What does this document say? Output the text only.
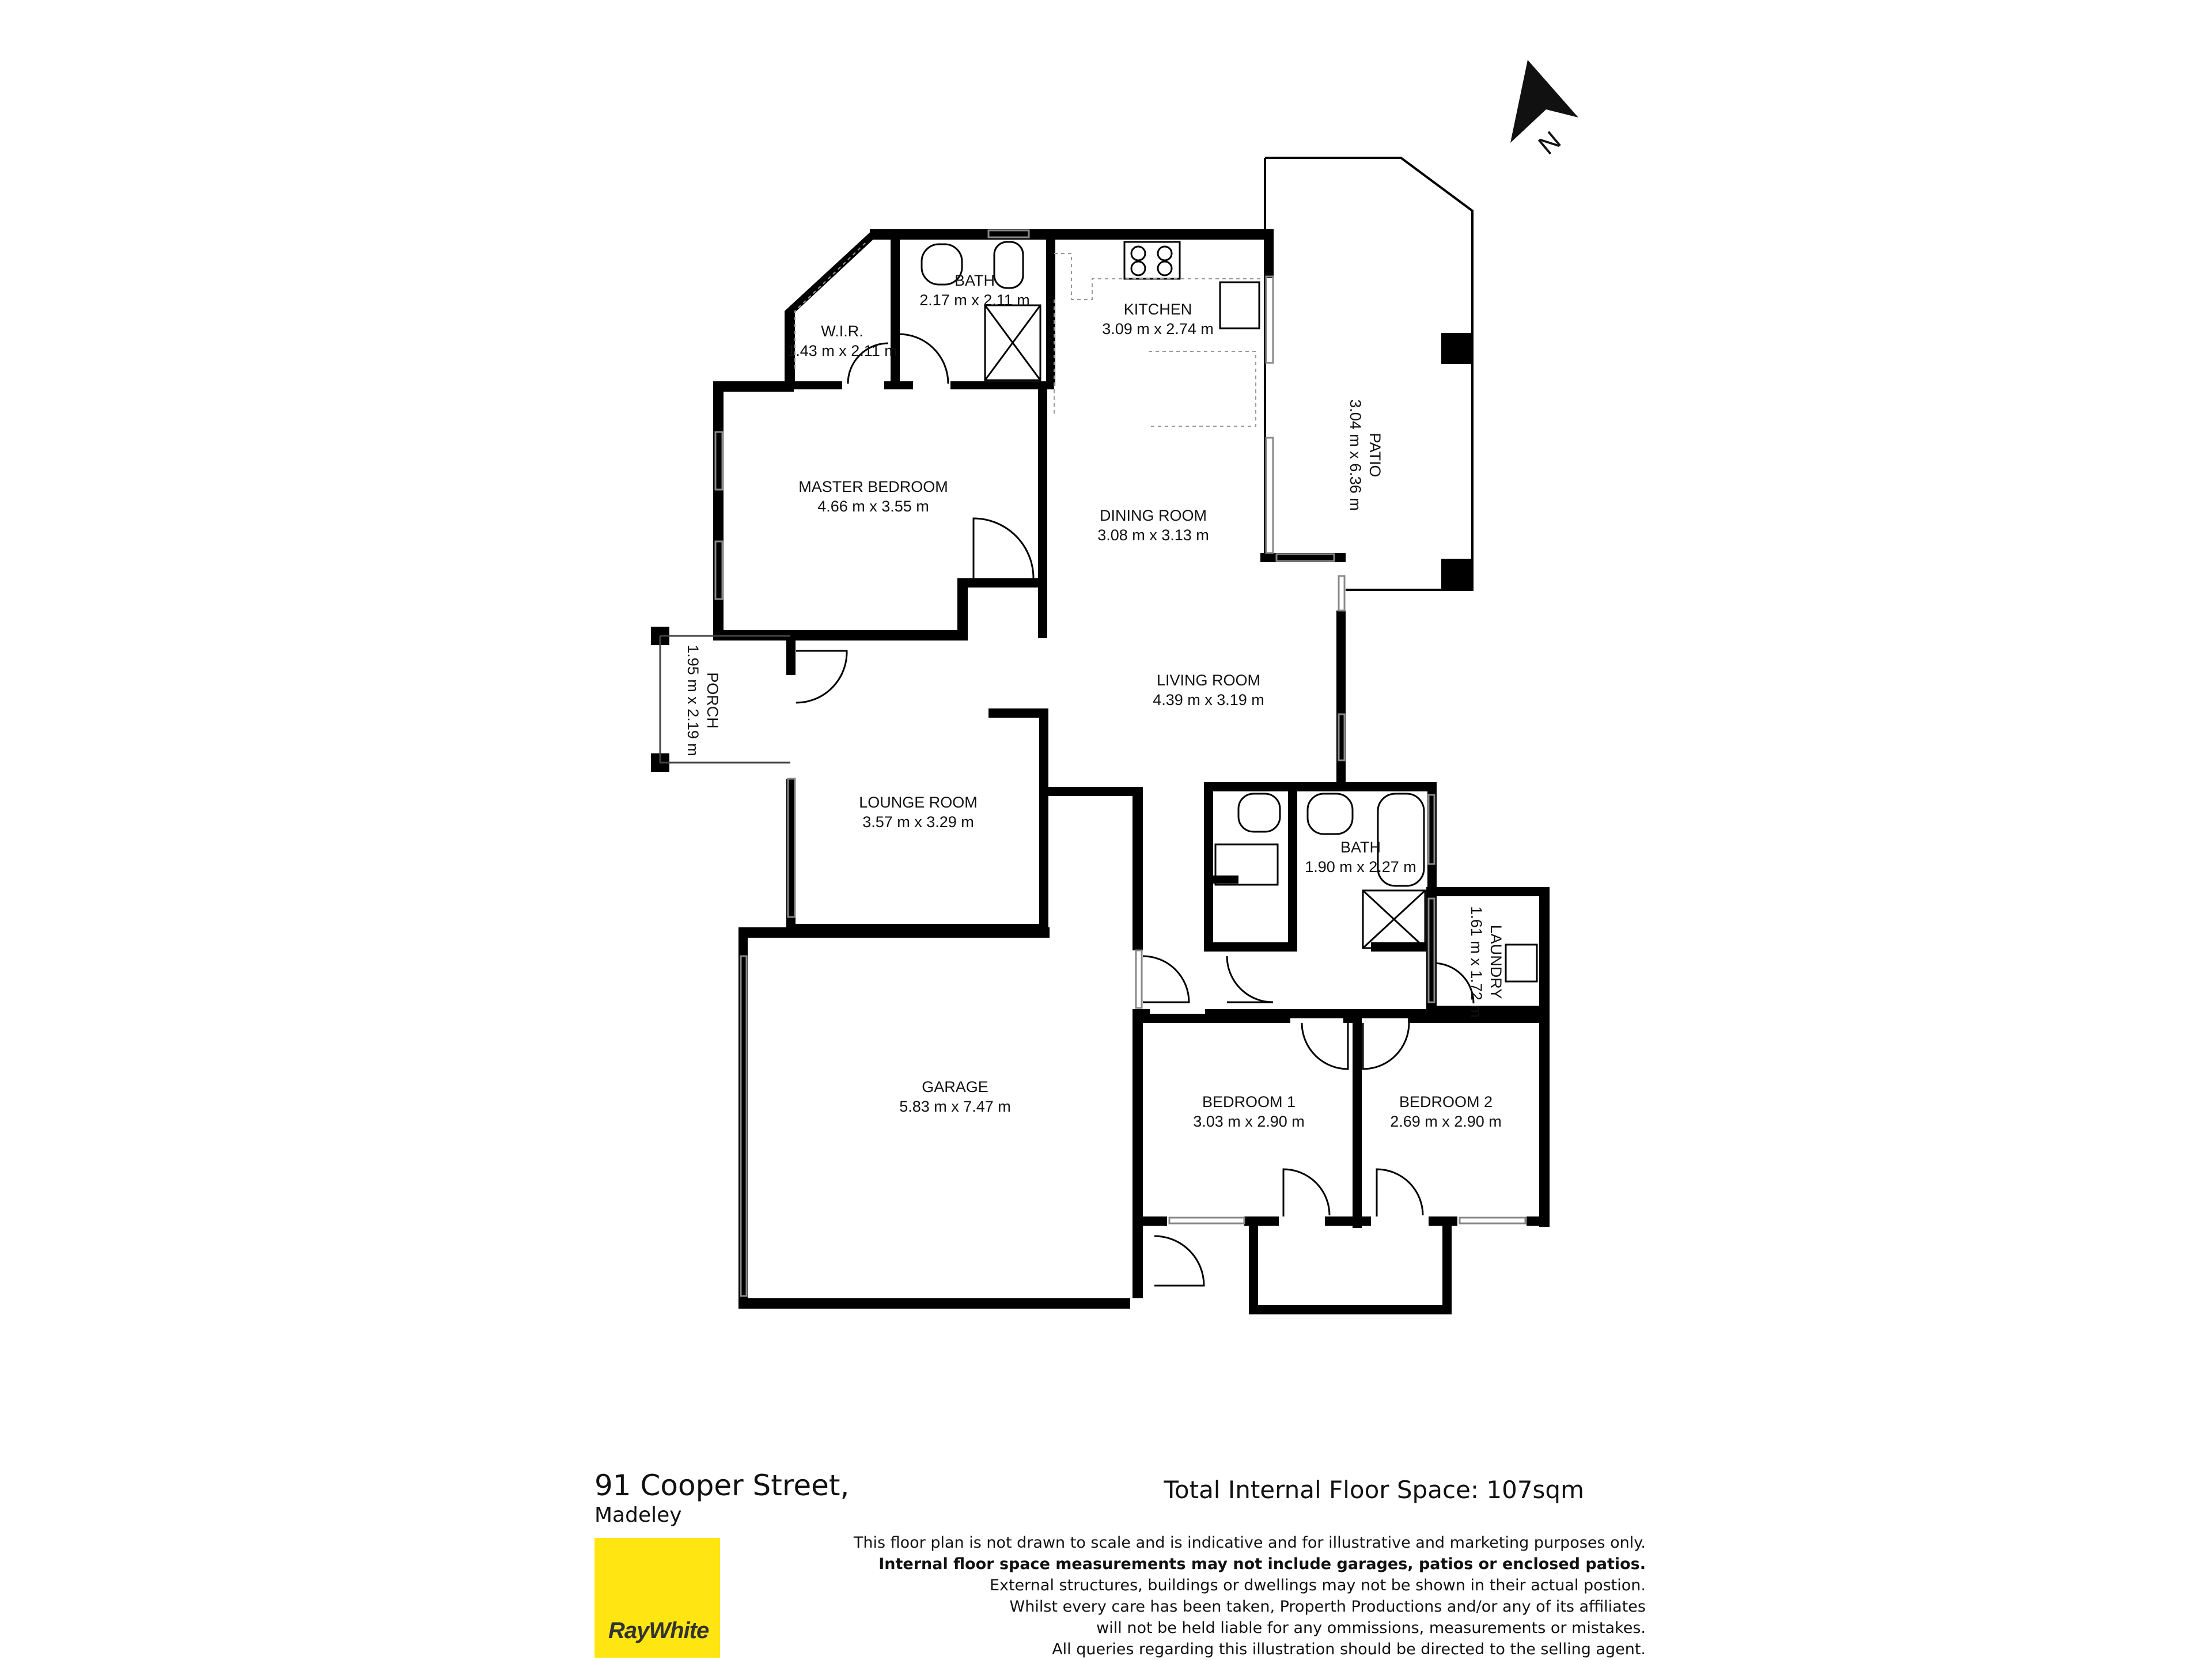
N
BATH
2.17 m x 2.11 m
W.I.R.
1.43 m x 2.11 m
KITCHEN
3.09 m x 2.74 m
PATIO
3.04 m x 6.36 m
MASTER BEDROOM
4.66 m x 3.55 m
DINING ROOM
3.08 m x 3.13 m
LIVING ROOM
4.39 m x 3.19 m
PORCH
1.95 m x 2.19 m
LOUNGE ROOM
3.57 m x 3.29 m
BATH
1.90 m x 2.27 m
LAUNDRY
1.61 m x 1.72 m
GARAGE
5.83 m x 7.47 m	BEDROOM 1
3.03 m x 2.90 m
BEDROOM 2
2.69 m x 2.90 m
91 Cooper Street,
Madeley
Total Internal Floor Space: 107sqm
RayWhite
This floor plan is not drawn to scale and is indicative and for illustrative and marketing purposes only.
Internal floor space measurements may not include garages, patios or enclosed patios.
External structures, buildings or dwellings may not be shown in their actual postion.
Whilst every care has been taken, Properth Productions and/or any of its affiliates
will not be held liable for any ommissions, measurements or mistakes.
All queries regarding this illustration should be directed to the selling agent.
